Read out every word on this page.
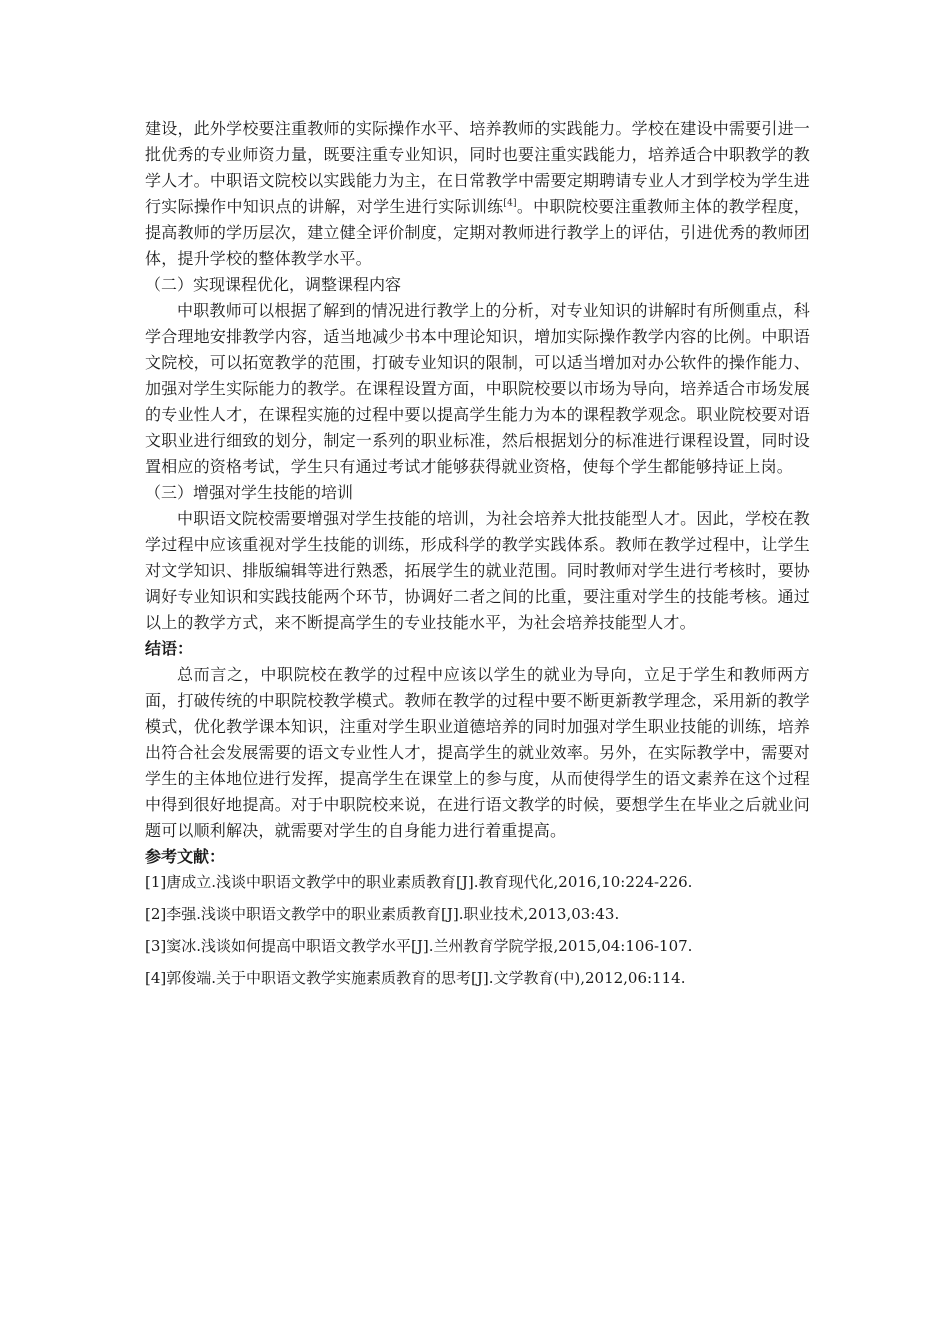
建设，此外学校要注重教师的实际操作水平、培养教师的实践能力。学校在建设中需要引进一批优秀的专业师资力量，既要注重专业知识，同时也要注重实践能力，培养适合中职教学的教学人才。中职语文院校以实践能力为主，在日常教学中需要定期聘请专业人才到学校为学生进行实际操作中知识点的讲解，对学生进行实际训练[4]。中职院校要注重教师主体的教学程度，提高教师的学历层次，建立健全评价制度，定期对教师进行教学上的评估，引进优秀的教师团体，提升学校的整体教学水平。

（二）实现课程优化，调整课程内容

中职教师可以根据了解到的情况进行教学上的分析，对专业知识的讲解时有所侧重点，科学合理地安排教学内容，适当地减少书本中理论知识，增加实际操作教学内容的比例。中职语文院校，可以拓宽教学的范围，打破专业知识的限制，可以适当增加对办公软件的操作能力、加强对学生实际能力的教学。在课程设置方面，中职院校要以市场为导向，培养适合市场发展的专业性人才，在课程实施的过程中要以提高学生能力为本的课程教学观念。职业院校要对语文职业进行细致的划分，制定一系列的职业标准，然后根据划分的标准进行课程设置，同时设置相应的资格考试，学生只有通过考试才能够获得就业资格，使每个学生都能够持证上岗。

（三）增强对学生技能的培训

中职语文院校需要增强对学生技能的培训，为社会培养大批技能型人才。因此，学校在教学过程中应该重视对学生技能的训练，形成科学的教学实践体系。教师在教学过程中，让学生对文学知识、排版编辑等进行熟悉，拓展学生的就业范围。同时教师对学生进行考核时，要协调好专业知识和实践技能两个环节，协调好二者之间的比重，要注重对学生的技能考核。通过以上的教学方式，来不断提高学生的专业技能水平，为社会培养技能型人才。

结语：

总而言之，中职院校在教学的过程中应该以学生的就业为导向，立足于学生和教师两方面，打破传统的中职院校教学模式。教师在教学的过程中要不断更新教学理念，采用新的教学模式，优化教学课本知识，注重对学生职业道德培养的同时加强对学生职业技能的训练，培养出符合社会发展需要的语文专业性人才，提高学生的就业效率。另外，在实际教学中，需要对学生的主体地位进行发挥，提高学生在课堂上的参与度，从而使得学生的语文素养在这个过程中得到很好地提高。对于中职院校来说，在进行语文教学的时候，要想学生在毕业之后就业问题可以顺利解决，就需要对学生的自身能力进行着重提高。

参考文献：

[1]唐成立.浅谈中职语文教学中的职业素质教育[J].教育现代化,2016,10:224-226.
[2]李强.浅谈中职语文教学中的职业素质教育[J].职业技术,2013,03:43.
[3]窦冰.浅谈如何提高中职语文教学水平[J].兰州教育学院学报,2015,04:106-107.
[4]郭俊端.关于中职语文教学实施素质教育的思考[J].文学教育(中),2012,06:114.
